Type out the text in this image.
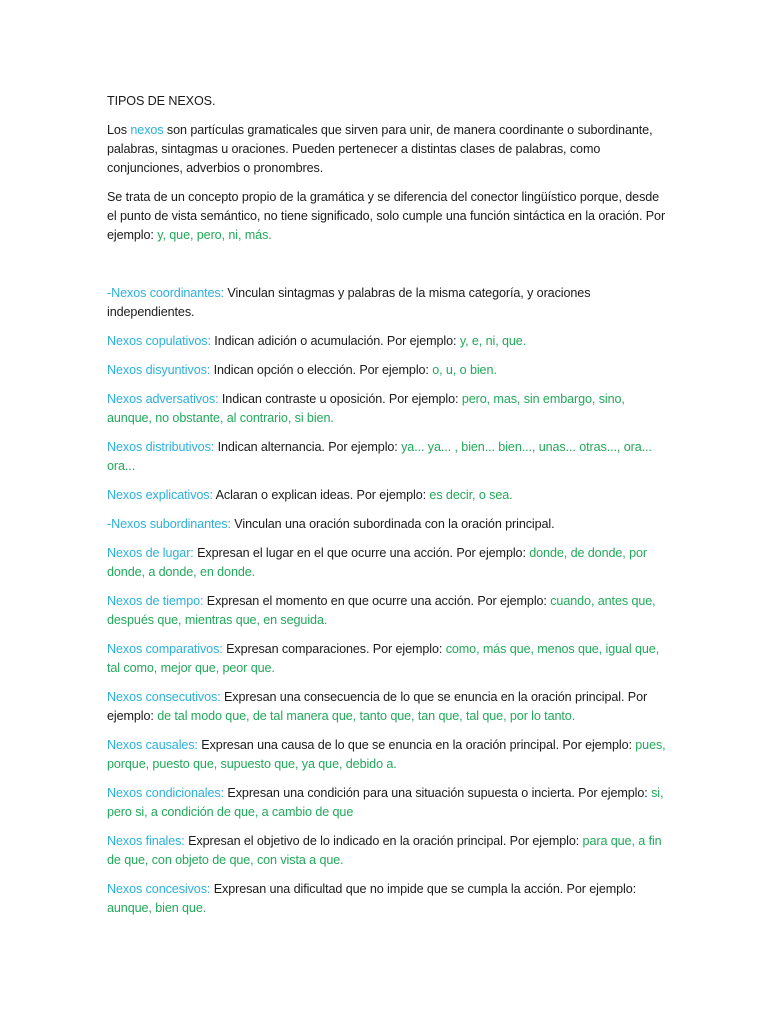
TIPOS DE NEXOS.

Los nexos son partículas gramaticales que sirven para unir, de manera coordinante o subordinante, palabras, sintagmas u oraciones. Pueden pertenecer a distintas clases de palabras, como conjunciones, adverbios o pronombres.

Se trata de un concepto propio de la gramática y se diferencia del conector lingüístico porque, desde el punto de vista semántico, no tiene significado, solo cumple una función sintáctica en la oración. Por ejemplo: y, que, pero, ni, más.

-Nexos coordinantes: Vinculan sintagmas y palabras de la misma categoría, y oraciones independientes.

Nexos copulativos: Indican adición o acumulación. Por ejemplo: y, e, ni, que.

Nexos disyuntivos: Indican opción o elección. Por ejemplo: o, u, o bien.

Nexos adversativos: Indican contraste u oposición. Por ejemplo: pero, mas, sin embargo, sino, aunque, no obstante, al contrario, si bien.

Nexos distributivos: Indican alternancia. Por ejemplo: ya... ya... , bien... bien..., unas... otras..., ora... ora...

Nexos explicativos: Aclaran o explican ideas. Por ejemplo: es decir, o sea.

-Nexos subordinantes: Vinculan una oración subordinada con la oración principal.

Nexos de lugar: Expresan el lugar en el que ocurre una acción. Por ejemplo: donde, de donde, por donde, a donde, en donde.

Nexos de tiempo: Expresan el momento en que ocurre una acción. Por ejemplo: cuando, antes que, después que, mientras que, en seguida.

Nexos comparativos: Expresan comparaciones. Por ejemplo: como, más que, menos que, igual que, tal como, mejor que, peor que.

Nexos consecutivos: Expresan una consecuencia de lo que se enuncia en la oración principal. Por ejemplo: de tal modo que, de tal manera que, tanto que, tan que, tal que, por lo tanto.

Nexos causales: Expresan una causa de lo que se enuncia en la oración principal. Por ejemplo: pues, porque, puesto que, supuesto que, ya que, debido a.

Nexos condicionales: Expresan una condición para una situación supuesta o incierta. Por ejemplo: si, pero si, a condición de que, a cambio de que

Nexos finales: Expresan el objetivo de lo indicado en la oración principal. Por ejemplo: para que, a fin de que, con objeto de que, con vista a que.

Nexos concesivos: Expresan una dificultad que no impide que se cumpla la acción. Por ejemplo: aunque, bien que.
